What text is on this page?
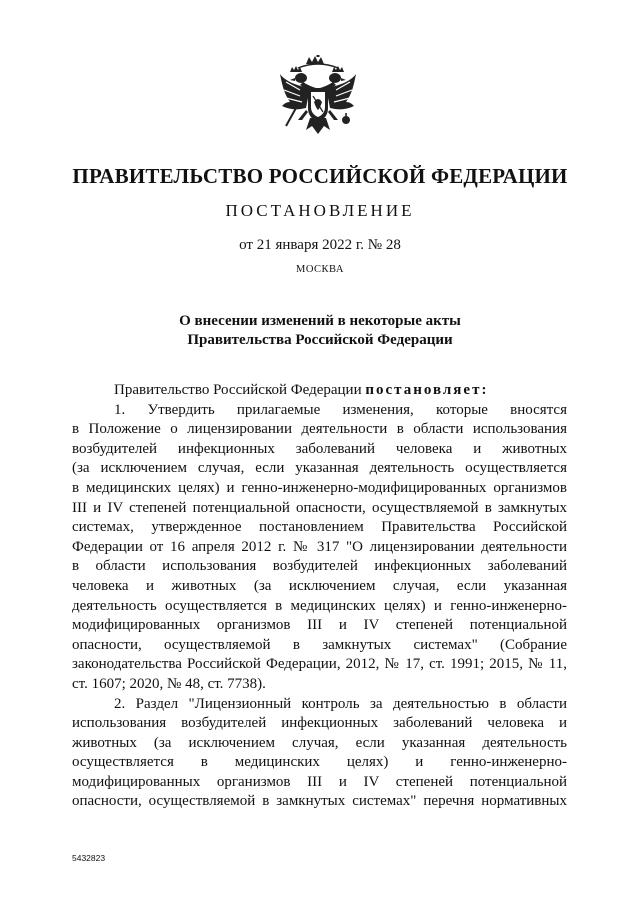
ПРАВИТЕЛЬСТВО РОССИЙСКОЙ ФЕДЕРАЦИИ
ПОСТАНОВЛЕНИЕ
от 21 января 2022 г. № 28
МОСКВА
О внесении изменений в некоторые акты
Правительства Российской Федерации
Правительство Российской Федерации постановляет:
1. Утвердить прилагаемые изменения, которые вносятся
в Положение о лицензировании деятельности в области использования
возбудителей инфекционных заболеваний человека и животных
(за исключением случая, если указанная деятельность осуществляется
в медицинских целях) и генно-инженерно-модифицированных организмов
III и IV степеней потенциальной опасности, осуществляемой в замкнутых
системах, утвержденное постановлением Правительства Российской
Федерации от 16 апреля 2012 г. № 317 "О лицензировании деятельности
в области использования возбудителей инфекционных заболеваний
человека и животных (за исключением случая, если указанная
деятельность осуществляется в медицинских целях) и генно-инженерно-
модифицированных организмов III и IV степеней потенциальной
опасности, осуществляемой в замкнутых системах" (Собрание
законодательства Российской Федерации, 2012, № 17, ст. 1991; 2015, № 11,
ст. 1607; 2020, № 48, ст. 7738).
2. Раздел "Лицензионный контроль за деятельностью в области
использования возбудителей инфекционных заболеваний человека и
животных (за исключением случая, если указанная деятельность
осуществляется в медицинских целях) и генно-инженерно-
модифицированных организмов III и IV степеней потенциальной
опасности, осуществляемой в замкнутых системах" перечня нормативных
5432823
